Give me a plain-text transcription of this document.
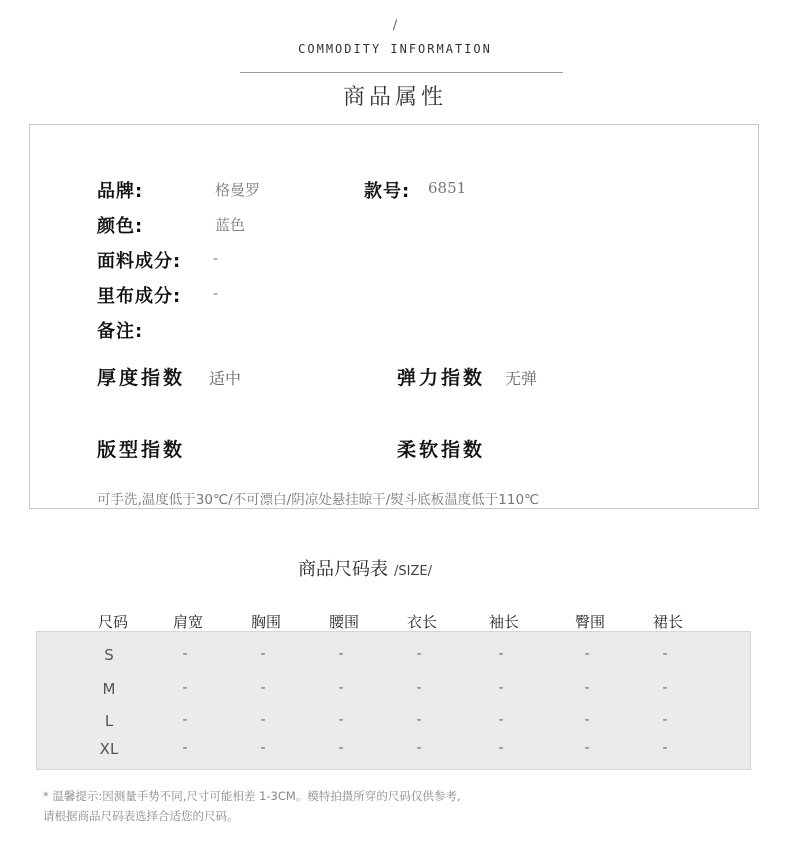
/
COMMODITY INFORMATION
商品属性
品牌:	格曼罗	款号: 6851
颜色:	蓝色
面料成分: -
里布成分: -
备注:
厚度指数 适中	弹力指数 无弹
版型指数	柔软指数
可手洗,温度低于30℃/不可漂白/阴凉处悬挂晾干/熨斗底板温度低于110℃
商品尺码表 /SIZE/
尺码	肩宽	胸围	腰围	衣长	袖长	臀围	裙长
S	-	-	-	-	-	-	-
M	-	-	-	-	-	-	-
L	-	-	-	-	-	-	-
XL	-	-	-	-	-	-	-
* 温馨提示:因测量手势不同,尺寸可能相差 1-3CM。模特拍摄所穿的尺码仅供参考,
请根据商品尺码表选择合适您的尺码。
